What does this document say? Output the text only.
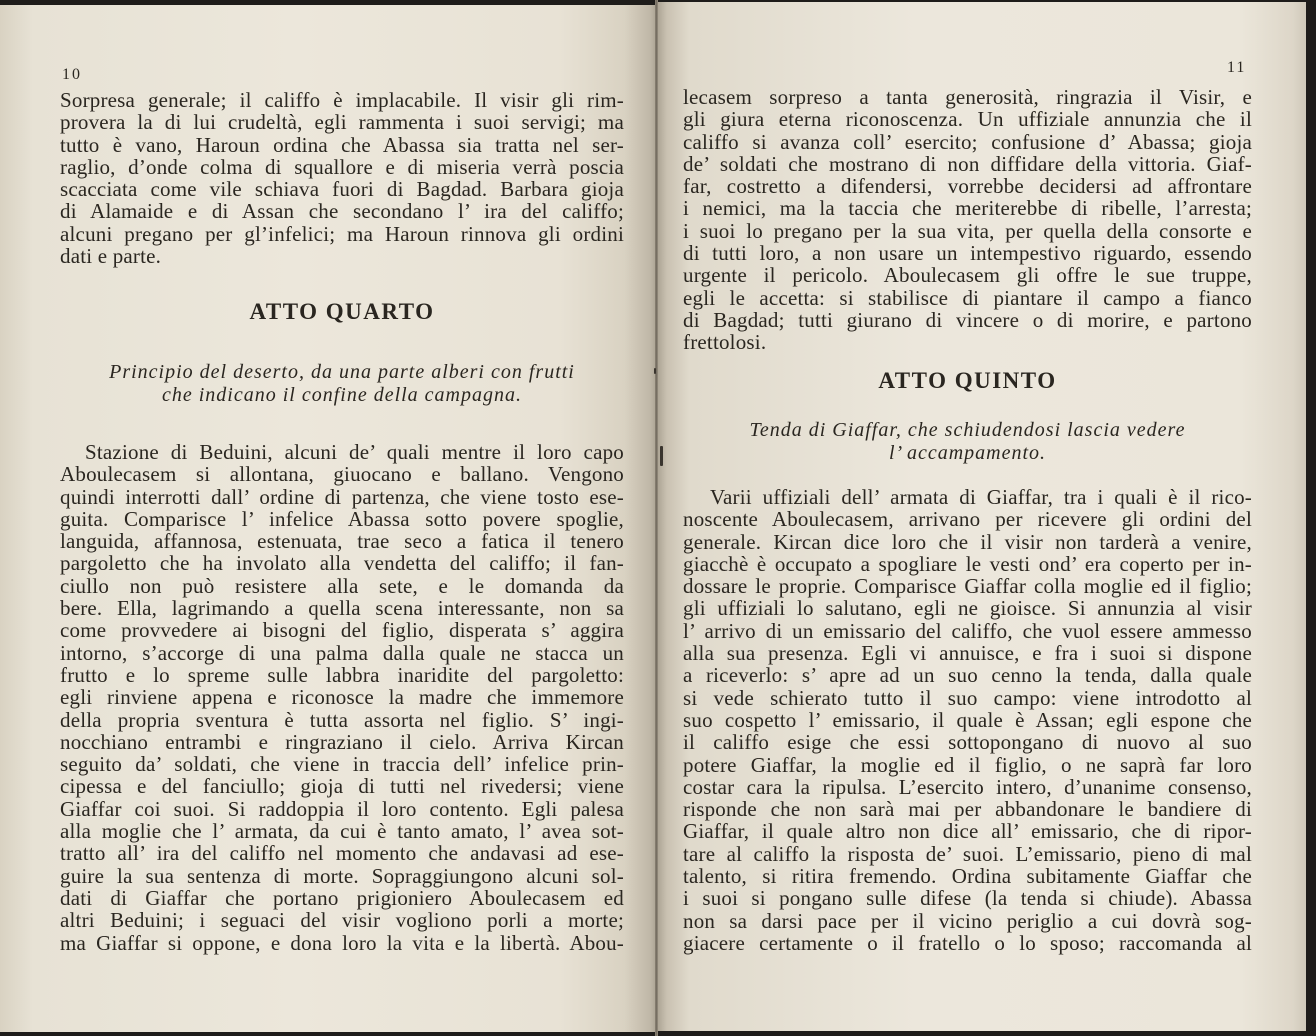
10
Sorpresa generale; il califfo è implacabile. Il visir gli rim-
provera la di lui crudeltà, egli rammenta i suoi servigi; ma
tutto è vano, Haroun ordina che Abassa sia tratta nel ser-
raglio, d’onde colma di squallore e di miseria verrà poscia
scacciata come vile schiava fuori di Bagdad. Barbara gioja
di Alamaide e di Assan che secondano l’ ira del califfo;
alcuni pregano per gl’infelici; ma Haroun rinnova gli ordini
dati e parte.
ATTO QUARTO
Principio del deserto, da una parte alberi con frutti
che indicano il confine della campagna.
Stazione di Beduini, alcuni de’ quali mentre il loro capo
Aboulecasem si allontana, giuocano e ballano. Vengono
quindi interrotti dall’ ordine di partenza, che viene tosto ese-
guita. Comparisce l’ infelice Abassa sotto povere spoglie,
languida, affannosa, estenuata, trae seco a fatica il tenero
pargoletto che ha involato alla vendetta del califfo; il fan-
ciullo non può resistere alla sete, e le domanda da
bere. Ella, lagrimando a quella scena interessante, non sa
come provvedere ai bisogni del figlio, disperata s’ aggira
intorno, s’accorge di una palma dalla quale ne stacca un
frutto e lo spreme sulle labbra inaridite del pargoletto:
egli rinviene appena e riconosce la madre che immemore
della propria sventura è tutta assorta nel figlio. S’ ingi-
nocchiano entrambi e ringraziano il cielo. Arriva Kircan
seguito da’ soldati, che viene in traccia dell’ infelice prin-
cipessa e del fanciullo; gioja di tutti nel rivedersi; viene
Giaffar coi suoi. Si raddoppia il loro contento. Egli palesa
alla moglie che l’ armata, da cui è tanto amato, l’ avea sot-
tratto all’ ira del califfo nel momento che andavasi ad ese-
guire la sua sentenza di morte. Sopraggiungono alcuni sol-
dati di Giaffar che portano prigioniero Aboulecasem ed
altri Beduini; i seguaci del visir vogliono porli a morte;
ma Giaffar si oppone, e dona loro la vita e la libertà. Abou-
11
lecasem sorpreso a tanta generosità, ringrazia il Visir, e
gli giura eterna riconoscenza. Un uffiziale annunzia che il
califfo si avanza coll’ esercito; confusione d’ Abassa; gioja
de’ soldati che mostrano di non diffidare della vittoria. Giaf-
far, costretto a difendersi, vorrebbe decidersi ad affrontare
i nemici, ma la taccia che meriterebbe di ribelle, l’arresta;
i suoi lo pregano per la sua vita, per quella della consorte e
di tutti loro, a non usare un intempestivo riguardo, essendo
urgente il pericolo. Aboulecasem gli offre le sue truppe,
egli le accetta: si stabilisce di piantare il campo a fianco
di Bagdad; tutti giurano di vincere o di morire, e partono
frettolosi.
ATTO QUINTO
Tenda di Giaffar, che schiudendosi lascia vedere
l’ accampamento.
Varii uffiziali dell’ armata di Giaffar, tra i quali è il rico-
noscente Aboulecasem, arrivano per ricevere gli ordini del
generale. Kircan dice loro che il visir non tarderà a venire,
giacchè è occupato a spogliare le vesti ond’ era coperto per in-
dossare le proprie. Comparisce Giaffar colla moglie ed il figlio;
gli uffiziali lo salutano, egli ne gioisce. Si annunzia al visir
l’ arrivo di un emissario del califfo, che vuol essere ammesso
alla sua presenza. Egli vi annuisce, e fra i suoi si dispone
a riceverlo: s’ apre ad un suo cenno la tenda, dalla quale
si vede schierato tutto il suo campo: viene introdotto al
suo cospetto l’ emissario, il quale è Assan; egli espone che
il califfo esige che essi sottopongano di nuovo al suo
potere Giaffar, la moglie ed il figlio, o ne saprà far loro
costar cara la ripulsa. L’esercito intero, d’unanime consenso,
risponde che non sarà mai per abbandonare le bandiere di
Giaffar, il quale altro non dice all’ emissario, che di ripor-
tare al califfo la risposta de’ suoi. L’emissario, pieno di mal
talento, si ritira fremendo. Ordina subitamente Giaffar che
i suoi si pongano sulle difese (la tenda si chiude). Abassa
non sa darsi pace per il vicino periglio a cui dovrà sog-
giacere certamente o il fratello o lo sposo; raccomanda al
